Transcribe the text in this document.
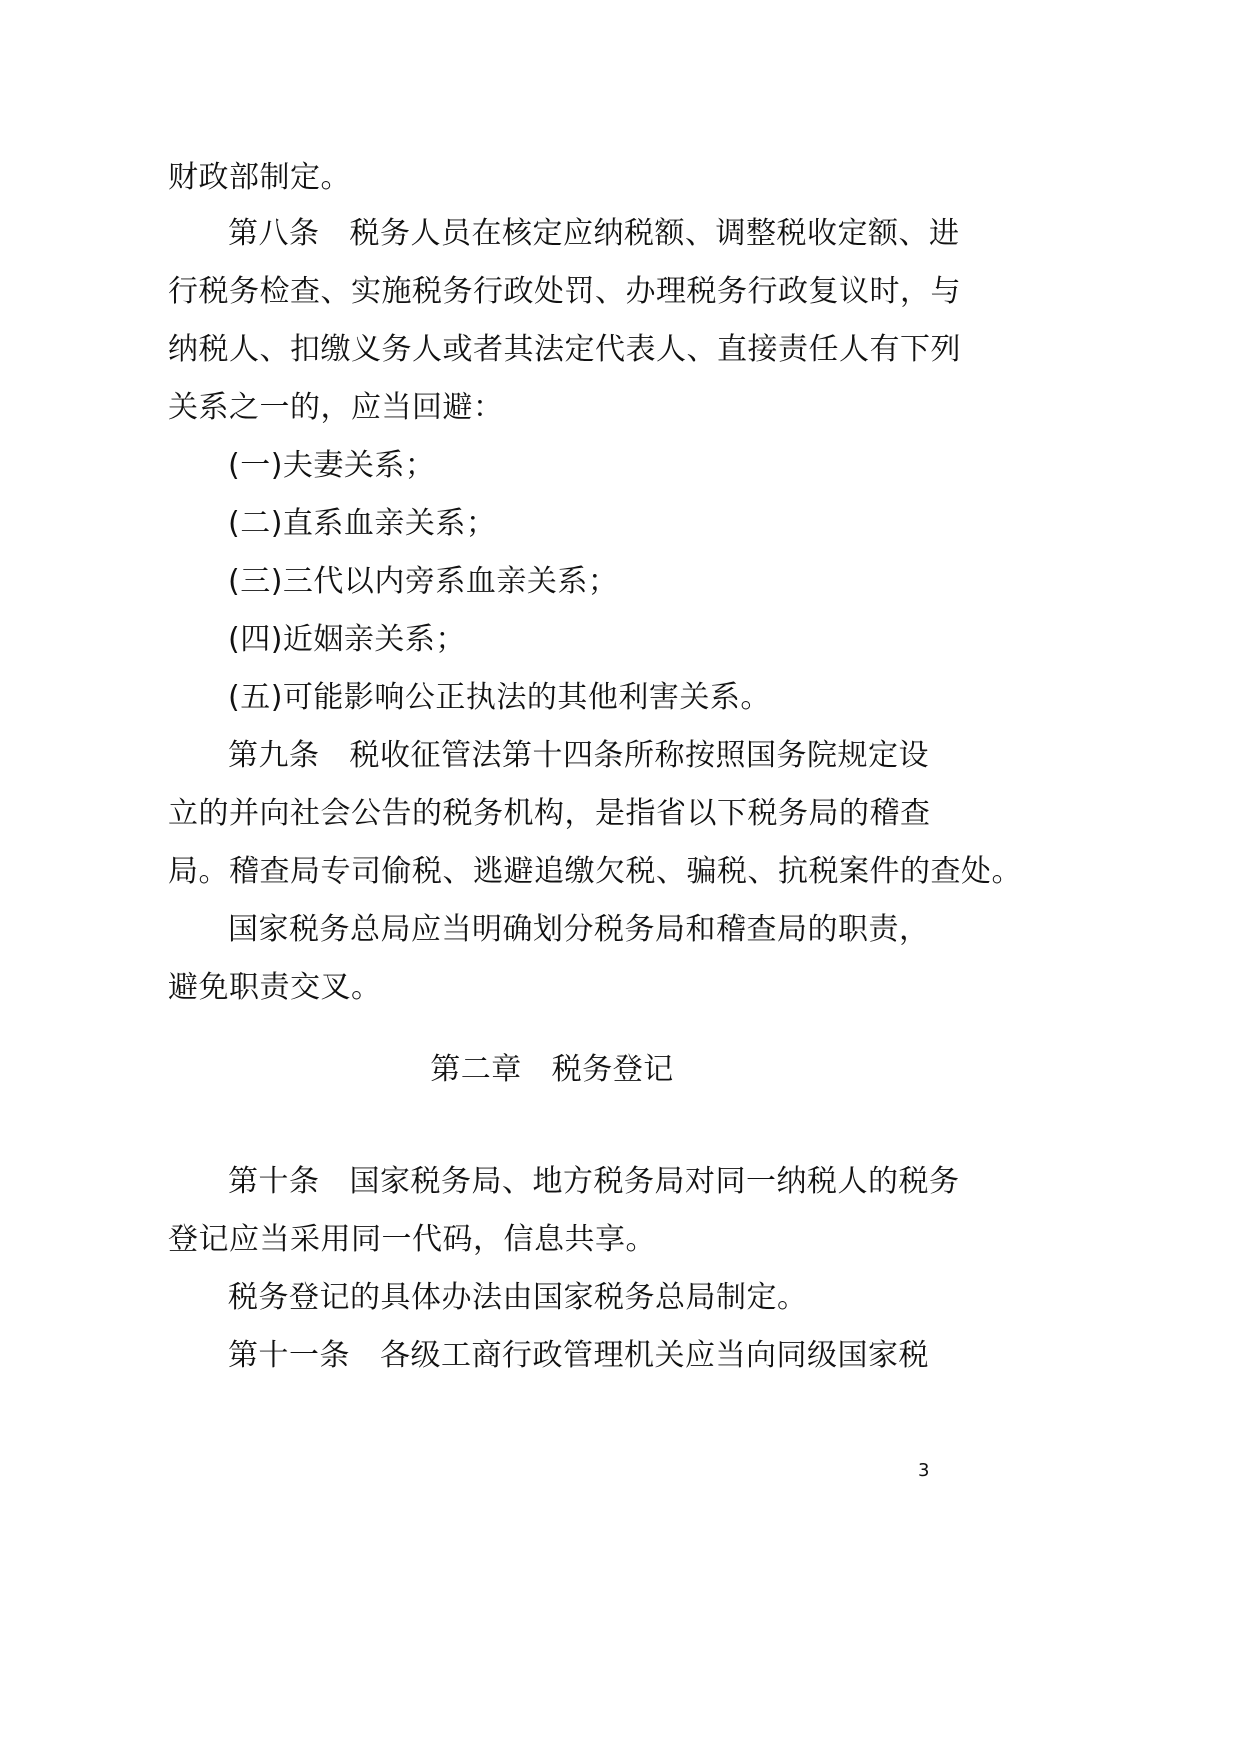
财政部制定。
第八条 税务人员在核定应纳税额、调整税收定额、进
行税务检查、实施税务行政处罚、办理税务行政复议时，与
纳税人、扣缴义务人或者其法定代表人、直接责任人有下列
关系之一的，应当回避：
(一)夫妻关系；
(二)直系血亲关系；
(三)三代以内旁系血亲关系；
(四)近姻亲关系；
(五)可能影响公正执法的其他利害关系。
第九条 税收征管法第十四条所称按照国务院规定设
立的并向社会公告的税务机构，是指省以下税务局的稽查
局。稽查局专司偷税、逃避追缴欠税、骗税、抗税案件的查处。
国家税务总局应当明确划分税务局和稽查局的职责，
避免职责交叉。
第二章 税务登记
第十条 国家税务局、地方税务局对同一纳税人的税务
登记应当采用同一代码，信息共享。
税务登记的具体办法由国家税务总局制定。
第十一条 各级工商行政管理机关应当向同级国家税
3
